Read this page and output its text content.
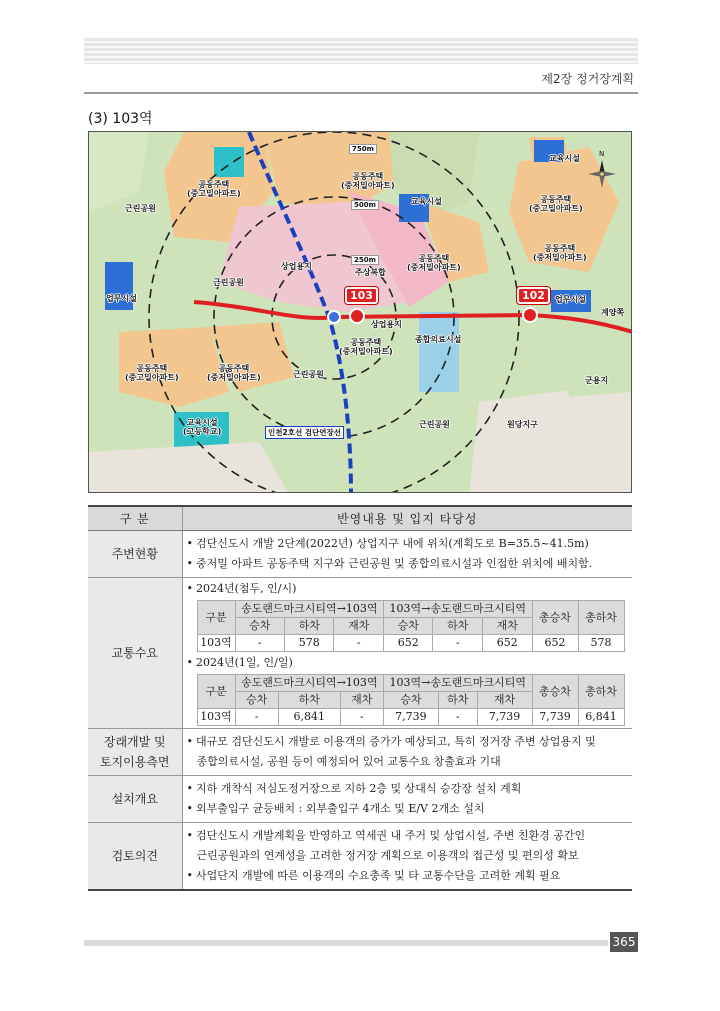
제2장 정거장계획
(3) 103역
750m
500m
250m
103	102
인천2호선 검단연장선
N
근린공원
공동주택
(중고밀아파트)
공동주택
(중저밀아파트)
교육시설
교육시설	공동주택
(중고밀아파트)
공동주택
(중저밀아파트)
공동주택
(중저밀아파트)
상업용지
주상복합
근린공원
업무시설	업무시설
계양쪽
상업용지
공동주택
(중저밀아파트)
종합의료시설
공동주택
(중고밀아파트)
공동주택
(중저밀아파트)	근린공원
군용지
교육시설
(고등학교)
근린공원	원당지구
구 분	반영내용 및 입지 타당성
주변현황	
• 검단신도시 개발 2단계(2022년) 상업지구 내에 위치(계획도로 B=35.5~41.5m)
• 중저밀 아파트 공동주택 지구와 근린공원 및 종합의료시설과 인접한 위치에 배치함.

교통수요	
• 2024년(첨두, 인/시)
구분	송도랜드마크시티역→103역	103역→송도랜드마크시티역	총승차	총하차
승차	하차	재차	승차	하차	재차
103역	-	578	-	652	-	652	652	578
• 2024년(1일, 인/일)
구분	송도랜드마크시티역→103역	103역→송도랜드마크시티역	총승차	총하차
승차	하차	재차	승차	하차	재차
103역	-	6,841	-	7,739	-	7,739	7,739	6,841

장래개발 및
토지이용측면

• 대규모 검단신도시 개발로 이용객의 증가가 예상되고, 특히 정거장 주변 상업용지 및
종합의료시설, 공원 등이 예정되어 있어 교통수요 창출효과 기대

설치개요	
• 지하 개착식 저심도정거장으로 지하 2층 및 상대식 승강장 설치 계획
• 외부출입구 균등배치 : 외부출입구 4개소 및 E/V 2개소 설치

검토의견	
• 검단신도시 개발계획을 반영하고 역세권 내 주거 및 상업시설, 주변 친환경 공간인
근린공원과의 연계성을 고려한 정거장 계획으로 이용객의 접근성 및 편의성 확보
• 사업단지 개발에 따른 이용객의 수요충족 및 타 교통수단을 고려한 계획 필요
365
